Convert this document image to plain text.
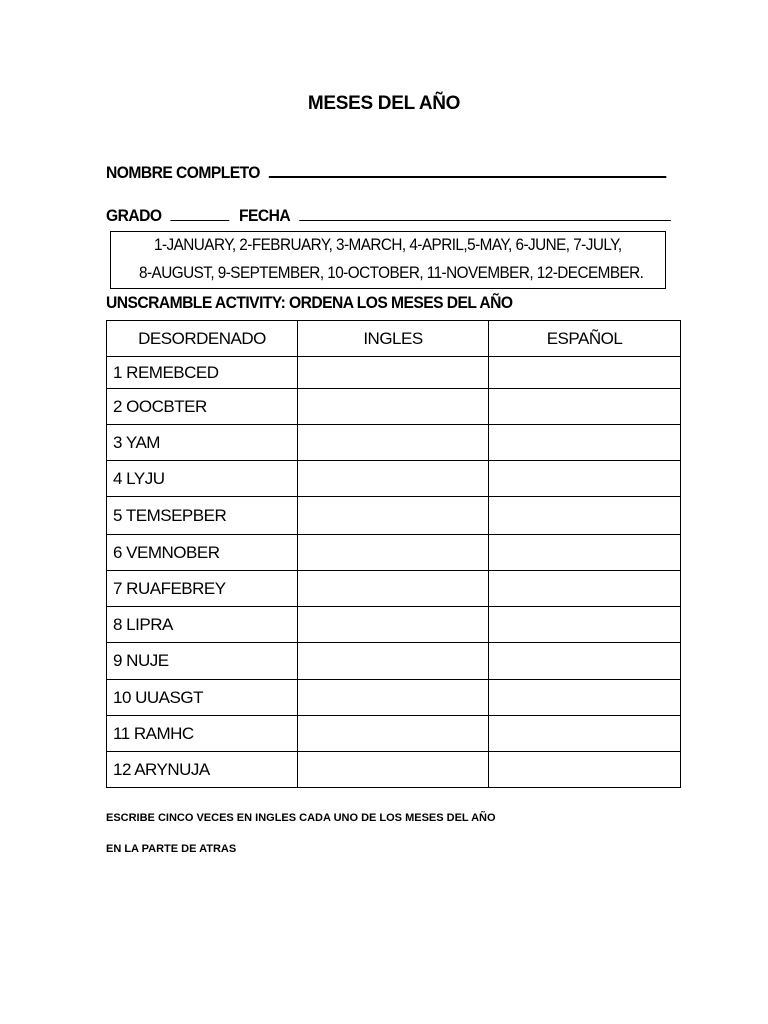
MESES DEL AÑO
NOMBRE COMPLETO
GRADO	FECHA
1-JANUARY, 2-FEBRUARY, 3-MARCH, 4-APRIL,5-MAY, 6-JUNE, 7-JULY,
8-AUGUST, 9-SEPTEMBER, 10-OCTOBER, 11-NOVEMBER, 12-DECEMBER.
UNSCRAMBLE ACTIVITY: ORDENA LOS MESES DEL AÑO
DESORDENADO	INGLES	ESPAÑOL
1 REMEBCED		
2 OOCBTER		
3 YAM		
4 LYJU		
5 TEMSEPBER		
6 VEMNOBER		
7 RUAFEBREY		
8 LIPRA		
9 NUJE		
10 UUASGT		
11 RAMHC		
12 ARYNUJA		
ESCRIBE CINCO VECES EN INGLES CADA UNO DE LOS MESES DEL AÑO
EN LA PARTE DE ATRAS
